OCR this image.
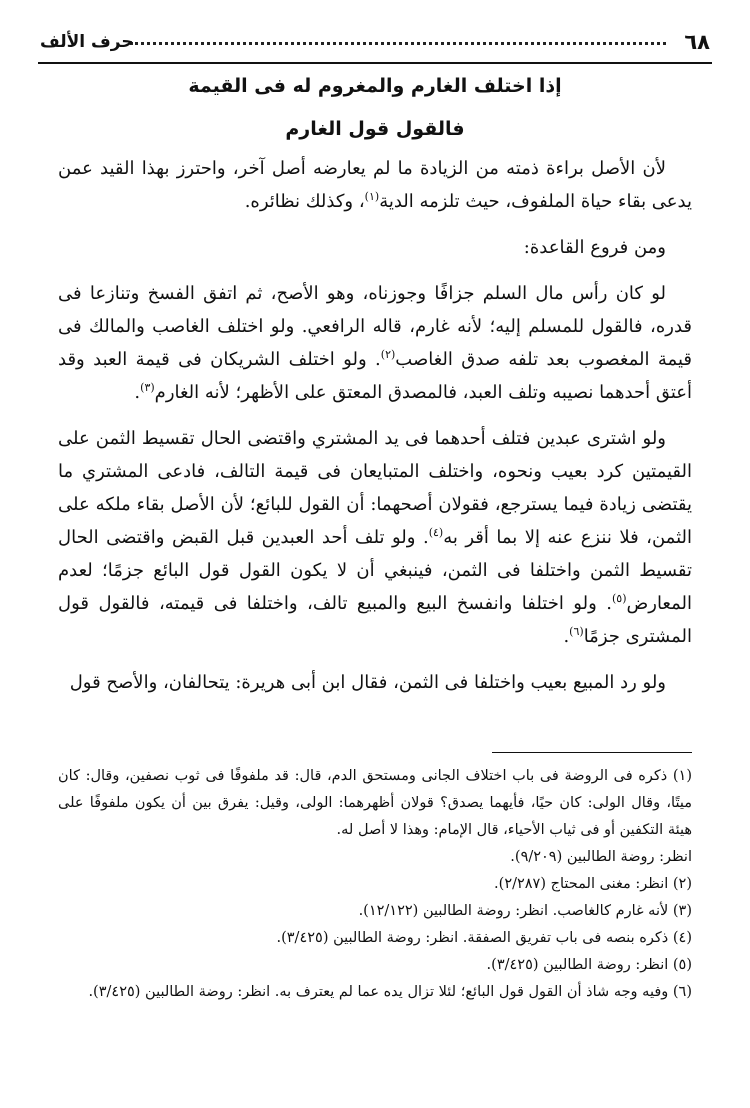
٦٨
حرف الألف
إذا اختلف الغارم والمغروم له فى القيمة
فالقول قول الغارم

لأن الأصل براءة ذمته من الزيادة ما لم يعارضه أصل آخر، واحترز بهذا القيد عمن يدعى بقاء حياة الملفوف، حيث تلزمه الدية$^{(١)}$، وكذلك نظائره.

ومن فروع القاعدة:

لو كان رأس مال السلم جزافًا وجوزناه، وهو الأصح، ثم اتفق الفسخ وتنازعا فى قدره، فالقول للمسلم إليه؛ لأنه غارم، قاله الرافعي. ولو اختلف الغاصب والمالك فى قيمة المغصوب بعد تلفه صدق الغاصب$^{(٢)}$. ولو اختلف الشريكان فى قيمة العبد وقد أعتق أحدهما نصيبه وتلف العبد، فالمصدق المعتق على الأظهر؛ لأنه الغارم$^{(٣)}$.

ولو اشترى عبدين فتلف أحدهما فى يد المشتري واقتضى الحال تقسيط الثمن على القيمتين كرد بعيب ونحوه، واختلف المتبايعان فى قيمة التالف، فادعى المشتري ما يقتضى زيادة فيما يسترجع، فقولان أصحهما: أن القول للبائع؛ لأن الأصل بقاء ملكه على الثمن، فلا ننزع عنه إلا بما أقر به$^{(٤)}$. ولو تلف أحد العبدين قبل القبض واقتضى الحال تقسيط الثمن واختلفا فى الثمن، فينبغي أن لا يكون القول قول البائع جزمًا؛ لعدم المعارض$^{(٥)}$. ولو اختلفا وانفسخ البيع والمبيع تالف، واختلفا فى قيمته، فالقول قول المشترى جزمًا$^{(٦)}$.

ولو رد المبيع بعيب واختلفا فى الثمن، فقال ابن أبى هريرة: يتحالفان، والأصح قول

(١) ذكره فى الروضة فى باب اختلاف الجانى ومستحق الدم، قال: قد ملفوفًا فى ثوب نصفين، وقال: كان ميتًا، وقال الولى: كان حيًا، فأيهما يصدق؟ قولان أظهرهما: الولى، وقيل: يفرق بين أن يكون ملفوفًا على هيئة التكفين أو فى ثياب الأحياء، قال الإمام: وهذا لا أصل له.

انظر: روضة الطالبين (٩/٢٠٩).

(٢) انظر: مغنى المحتاج (٢/٢٨٧).

(٣) لأنه غارم كالغاصب. انظر: روضة الطالبين (١٢/١٢٢).

(٤) ذكره بنصه فى باب تفريق الصفقة. انظر: روضة الطالبين (٣/٤٢٥).

(٥) انظر: روضة الطالبين (٣/٤٢٥).

(٦) وفيه وجه شاذ أن القول قول البائع؛ لئلا تزال يده عما لم يعترف به. انظر: روضة الطالبين (٣/٤٢٥).
